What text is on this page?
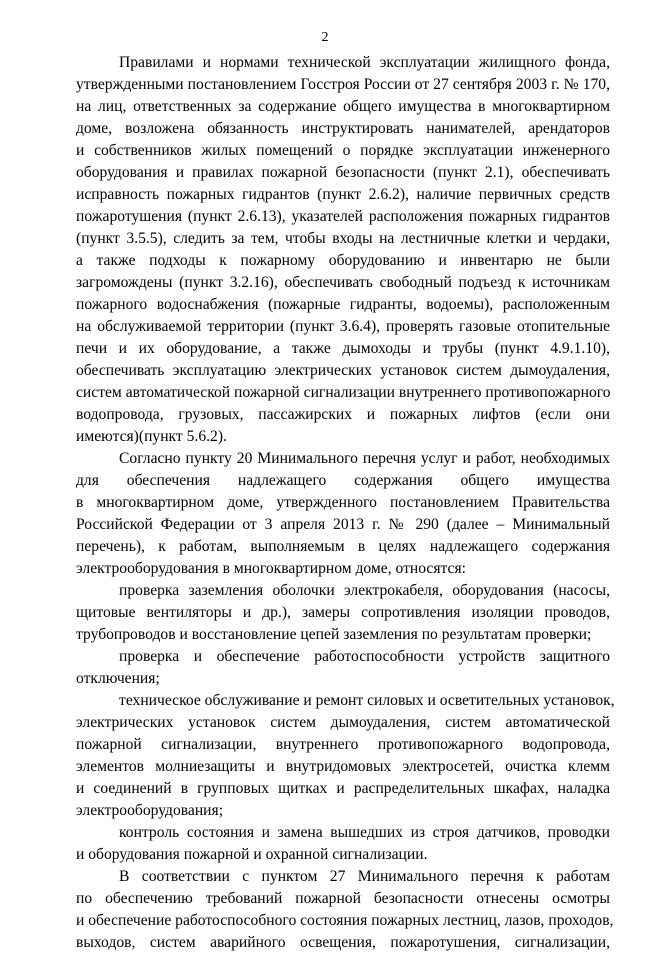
2
Правилами и нормами технической эксплуатации жилищного фонда,
утвержденными постановлением Госстроя России от 27 сентября 2003 г. № 170,
на лиц, ответственных за содержание общего имущества в многоквартирном
доме, возложена обязанность инструктировать нанимателей, арендаторов
и собственников жилых помещений о порядке эксплуатации инженерного
оборудования и правилах пожарной безопасности (пункт 2.1), обеспечивать
исправность пожарных гидрантов (пункт 2.6.2), наличие первичных средств
пожаротушения (пункт 2.6.13), указателей расположения пожарных гидрантов
(пункт 3.5.5), следить за тем, чтобы входы на лестничные клетки и чердаки,
а также подходы к пожарному оборудованию и инвентарю не были
загромождены (пункт 3.2.16), обеспечивать свободный подъезд к источникам
пожарного водоснабжения (пожарные гидранты, водоемы), расположенным
на обслуживаемой территории (пункт 3.6.4), проверять газовые отопительные
печи и их оборудование, а также дымоходы и трубы (пункт 4.9.1.10),
обеспечивать эксплуатацию электрических установок систем дымоудаления,
систем автоматической пожарной сигнализации внутреннего противопожарного
водопровода, грузовых, пассажирских и пожарных лифтов (если они
имеются)(пункт 5.6.2).
Согласно пункту 20 Минимального перечня услуг и работ, необходимых
для обеспечения надлежащего содержания общего имущества
в многоквартирном доме, утвержденного постановлением Правительства
Российской Федерации от 3 апреля 2013 г. № 290 (далее – Минимальный
перечень), к работам, выполняемым в целях надлежащего содержания
электрооборудования в многоквартирном доме, относятся:
проверка заземления оболочки электрокабеля, оборудования (насосы,
щитовые вентиляторы и др.), замеры сопротивления изоляции проводов,
трубопроводов и восстановление цепей заземления по результатам проверки;
проверка и обеспечение работоспособности устройств защитного
отключения;
техническое обслуживание и ремонт силовых и осветительных установок,
электрических установок систем дымоудаления, систем автоматической
пожарной сигнализации, внутреннего противопожарного водопровода,
элементов молниезащиты и внутридомовых электросетей, очистка клемм
и соединений в групповых щитках и распределительных шкафах, наладка
электрооборудования;
контроль состояния и замена вышедших из строя датчиков, проводки
и оборудования пожарной и охранной сигнализации.
В соответствии с пунктом 27 Минимального перечня к работам
по обеспечению требований пожарной безопасности отнесены осмотры
и обеспечение работоспособного состояния пожарных лестниц, лазов, проходов,
выходов, систем аварийного освещения, пожаротушения, сигнализации,
